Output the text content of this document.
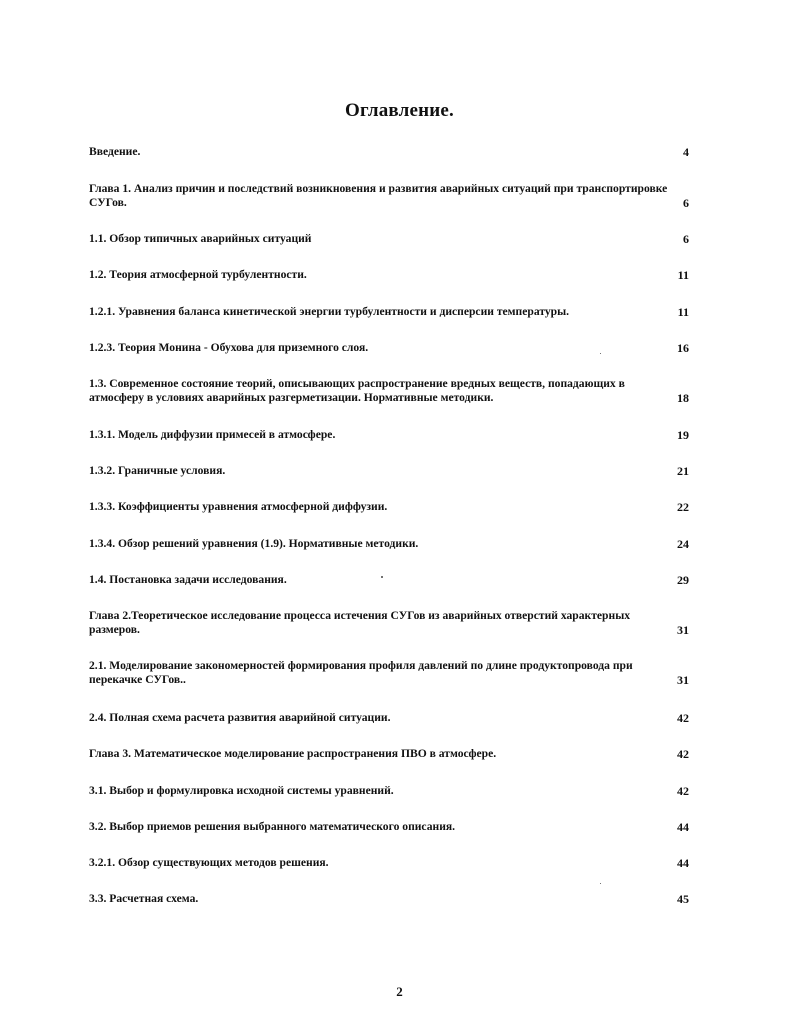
Оглавление.
Введение.	4
Глава 1. Анализ причин и последствий возникновения и развития аварийных ситуаций при транспортировке СУГов.	6
1.1. Обзор типичных аварийных ситуаций	6
1.2. Теория атмосферной турбулентности.	11
1.2.1. Уравнения баланса кинетической энергии турбулентности и дисперсии температуры.	11
1.2.3. Теория Монина - Обухова для приземного слоя.	16
1.3. Современное состояние теорий, описывающих распространение вредных веществ, попадающих в атмосферу в условиях аварийных разгерметизации. Нормативные методики.	18
1.3.1. Модель диффузии примесей в атмосфере.	19
1.3.2. Граничные условия.	21
1.3.3. Коэффициенты уравнения атмосферной диффузии.	22
1.3.4. Обзор решений уравнения (1.9). Нормативные методики.	24
1.4. Постановка задачи исследования.	29
Глава 2.Теоретическое исследование процесса истечения СУГов из аварийных отверстий характерных размеров.	31
2.1. Моделирование закономерностей формирования профиля давлений по длине продуктопровода при перекачке СУГов..	31
2.4. Полная схема расчета развития аварийной ситуации.	42
Глава 3. Математическое моделирование распространения ПВО в атмосфере.	42
3.1. Выбор и формулировка исходной системы уравнений.	42
3.2. Выбор приемов решения выбранного математического описания.	44
3.2.1. Обзор существующих методов решения.	44
3.3. Расчетная схема.	45
2
